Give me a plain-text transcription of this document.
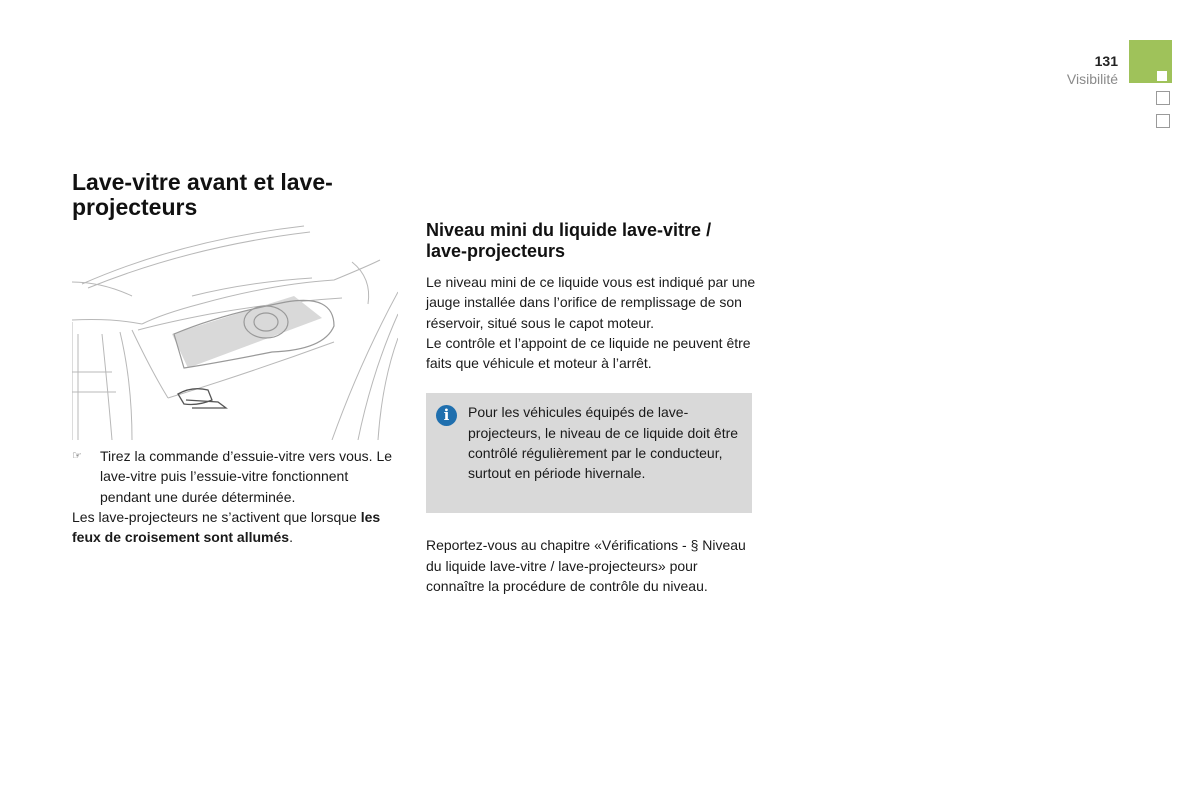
131
Visibilité
Lave-vitre avant et lave-projecteurs
☞ Tirez la commande d’essuie-vitre vers vous. Le lave-vitre puis l’essuie-vitre fonctionnent pendant une durée déterminée.

Les lave-projecteurs ne s’activent que lorsque les feux de croisement sont allumés.

Niveau mini du liquide lave-vitre / lave-projecteurs

Le niveau mini de ce liquide vous est indiqué par une jauge installée dans l’orifice de remplissage de son réservoir, situé sous le capot moteur.

Le contrôle et l’appoint de ce liquide ne peuvent être faits que véhicule et moteur à l’arrêt.

i	Pour les véhicules équipés de lave-projecteurs, le niveau de ce liquide doit être contrôlé régulièrement par le conducteur, surtout en période hivernale.

Reportez-vous au chapitre «Vérifications - § Niveau du liquide lave-vitre / lave-projecteurs» pour connaître la procédure de contrôle du niveau.
